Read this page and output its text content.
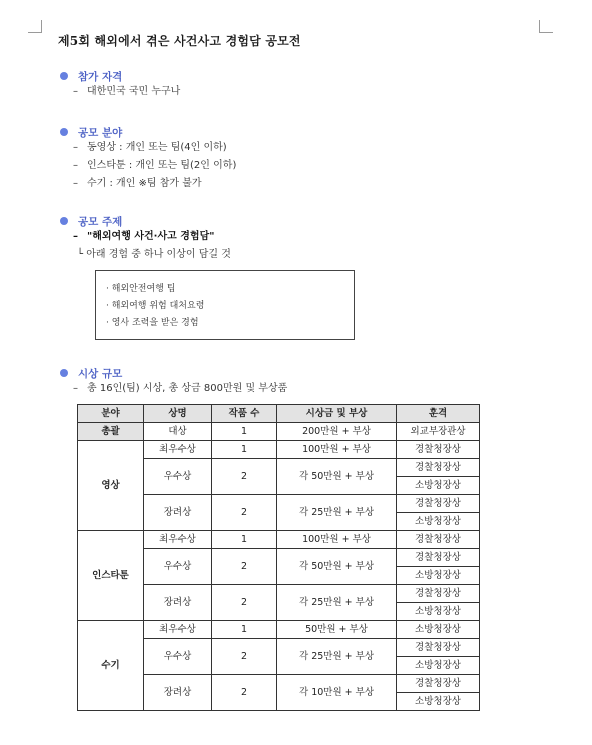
제5회 해외에서 겪은 사건사고 경험담 공모전
참가 자격
– 대한민국 국민 누구나
공모 분야
– 동영상 : 개인 또는 팀(4인 이하)
– 인스타툰 : 개인 또는 팀(2인 이하)
– 수기 : 개인 ※팀 참가 불가
공모 주제
– "해외여행 사건·사고 경험담"
└ 아래 경험 중 하나 이상이 담길 것
· 해외안전여행 팁
· 해외여행 위험 대처요령
· 영사 조력을 받은 경험
시상 규모
– 총 16인(팀) 시상, 총 상금 800만원 및 부상품
분야	상명	작품 수	시상금 및 부상	훈격
총괄	대상	1	200만원 + 부상	외교부장관상
영상	최우수상	1	100만원 + 부상	경찰청장상
	우수상	2	각 50만원 + 부상	경찰청장상
				소방청장상
	장려상	2	각 25만원 + 부상	경찰청장상
				소방청장상
인스타툰	최우수상	1	100만원 + 부상	경찰청장상
	우수상	2	각 50만원 + 부상	경찰청장상
				소방청장상
	장려상	2	각 25만원 + 부상	경찰청장상
				소방청장상
수기	최우수상	1	50만원 + 부상	소방청장상
	우수상	2	각 25만원 + 부상	경찰청장상
				소방청장상
	장려상	2	각 10만원 + 부상	경찰청장상
				소방청장상
